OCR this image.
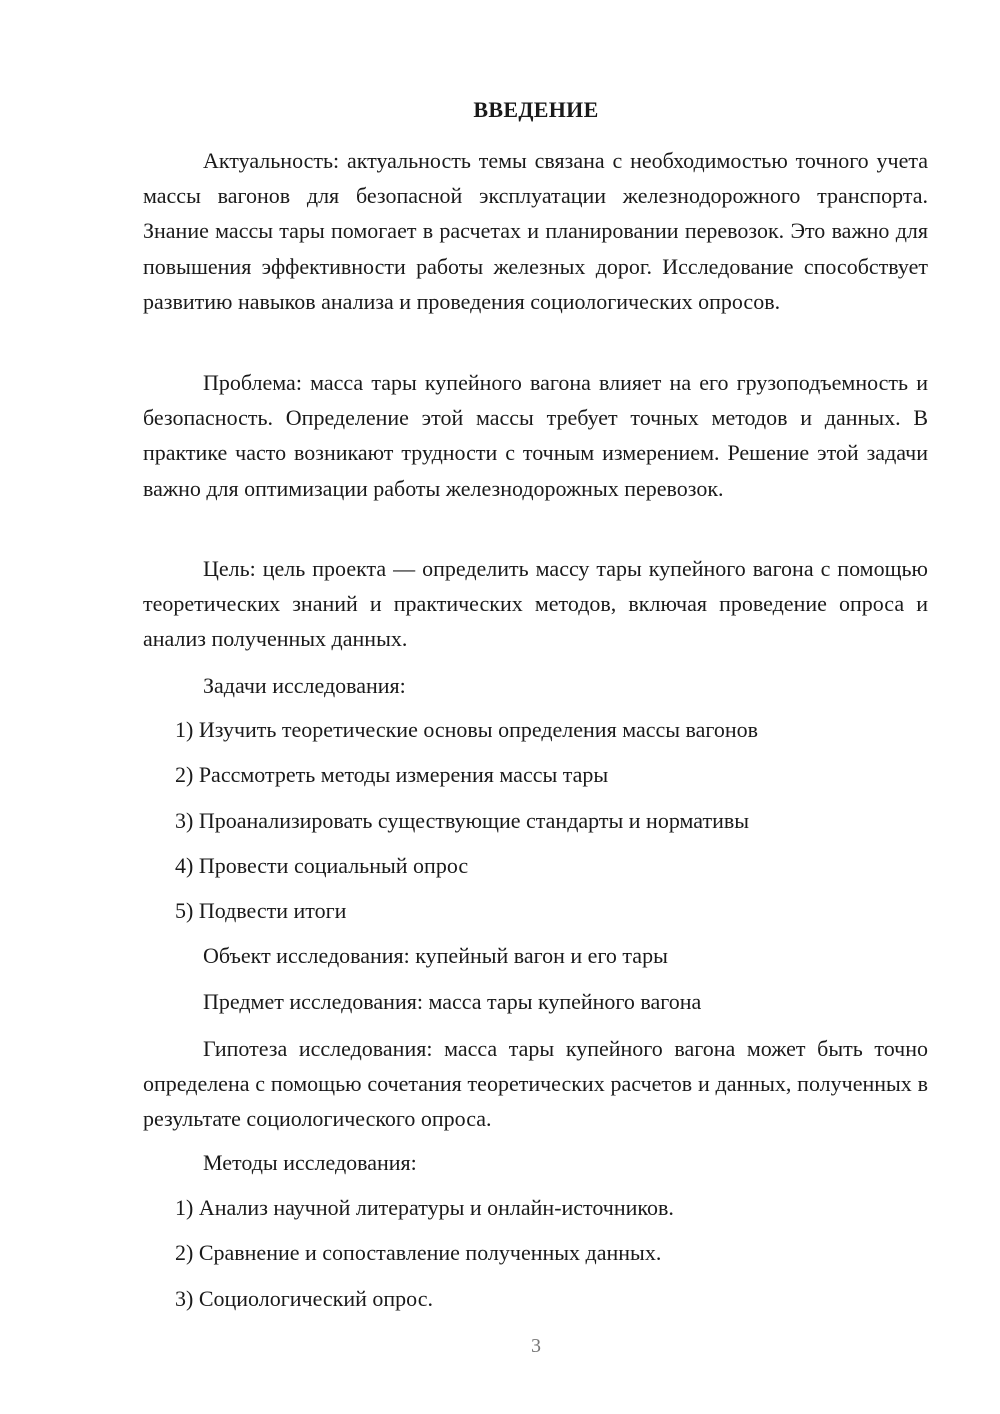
ВВЕДЕНИЕ

Актуальность: актуальность темы связана с необходимостью точного учета массы вагонов для безопасной эксплуатации железнодорожного транспорта. Знание массы тары помогает в расчетах и планировании перевозок. Это важно для повышения эффективности работы железных дорог. Исследование способствует развитию навыков анализа и проведения социологических опросов.

Проблема: масса тары купейного вагона влияет на его грузоподъемность и безопасность. Определение этой массы требует точных методов и данных. В практике часто возникают трудности с точным измерением. Решение этой задачи важно для оптимизации работы железнодорожных перевозок.

Цель: цель проекта — определить массу тары купейного вагона с помощью теоретических знаний и практических методов, включая проведение опроса и анализ полученных данных.

Задачи исследования:
1) Изучить теоретические основы определения массы вагонов
2) Рассмотреть методы измерения массы тары
3) Проанализировать существующие стандарты и нормативы
4) Провести социальный опрос
5) Подвести итоги
Объект исследования: купейный вагон и его тары
Предмет исследования: масса тары купейного вагона

Гипотеза исследования: масса тары купейного вагона может быть точно определена с помощью сочетания теоретических расчетов и данных, полученных в результате социологического опроса.

Методы исследования:
1) Анализ научной литературы и онлайн-источников.
2) Сравнение и сопоставление полученных данных.
3) Социологический опрос.
3
